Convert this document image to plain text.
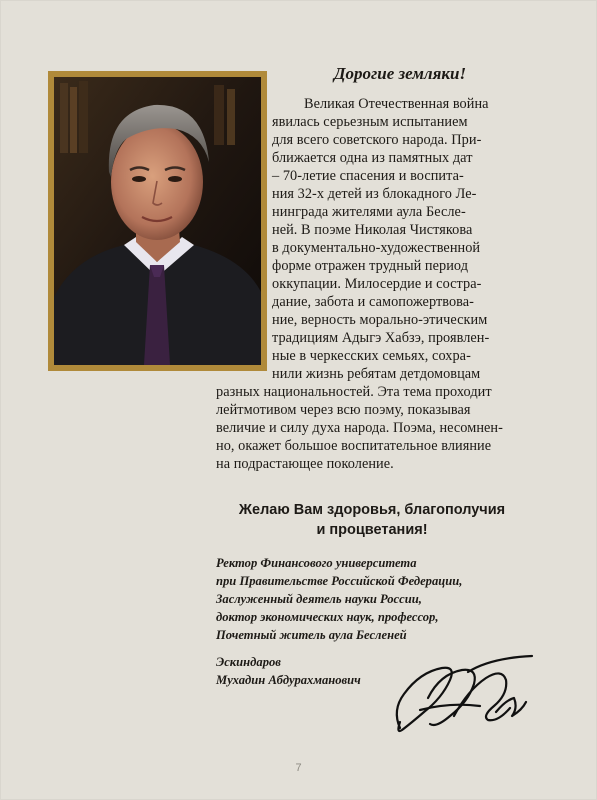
Дорогие земляки!
Великая Отечественная война
явилась серьезным испытанием
для всего советского народа. При-
ближается одна из памятных дат
– 70-летие спасения и воспита-
ния 32-х детей из блокадного Ле-
нинграда жителями аула Бесле-
ней. В поэме Николая Чистякова
в документально-художественной
форме отражен трудный период
оккупации. Милосердие и состра-
дание, забота и самопожертвова-
ние, верность морально-этическим
традициям Адыгэ Хабзэ, проявлен-
ные в черкесских семьях, сохра-
нили жизнь ребятам детдомовцам
разных национальностей. Эта тема проходит
лейтмотивом через всю поэму, показывая
величие и силу духа народа. Поэма, несомнен-
но, окажет большое воспитательное влияние
на подрастающее поколение.
Желаю Вам здоровья, благополучия
и процветания!
Ректор Финансового университета
при Правительстве Российской Федерации,
Заслуженный деятель науки России,
доктор экономических наук, профессор,
Почетный житель аула Бесленей
Эскиндаров
Мухадин Абдурахманович
7
